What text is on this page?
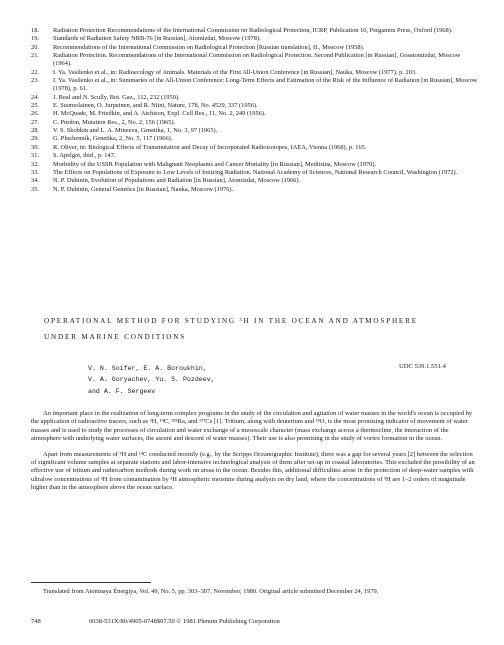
18.	Radiation Protection Recommendations of the International Commission on Radiological Protection, ICRP, Publication 10, Pergamon Press, Oxford (1968).
19.	Standards of Radiation Safety NRB-76 [in Russian], Atomizdat, Moscow (1978).
20.	Recommendations of the International Commission on Radiological Protection [Russian translation], II., Moscow (1958).
21.	Radiation Protection. Recommendations of the International Commission on Radiological Protection. Second Publication [in Russian], Gosatomizdat, Moscow (1964).
22.	I. Ya. Vasilenko et al., in: Radioecology of Animals. Materials of the First All-Union Conference [in Russian], Nauka, Moscow (1977), p. 203.
23.	I. Ya. Vasilenko et al., in: Summaries of the All-Union Conference: Long-Term Effects and Estimation of the Risk of the Influence of Radiation [in Russian], Moscow (1978), p. 61.
24.	J. Beal and N. Scully, Bot. Gaz., 112, 232 (1950).
25.	E. Suomolainen, O. Jurpeinen, and R. Niini, Nature, 178, No. 4529, 337 (1956).
26.	H. McQuade, M. Friedkin, and A. Atchison, Expl. Cell Res., 11, No. 2, 249 (1956).
27.	C. Purdon, Mutation Res., 2, No. 2, 156 (1965).
28.	V. S. Skobkin and L. A. Mineeva, Genetika, 1, No. 3, 97 (1965).
29.	G. Pluchennik, Genetika, 2, No. 5, 117 (1966).
30.	R. Oliver, in: Biological Effects of Transmutation and Decay of Incorporated Radioisotopes, IAEA, Vienna (1968), p. 165.
31.	S. Apelgot, ibid., p. 147.
32.	Morbidity of the USSR Population with Malignant Neoplasms and Cancer Mortality [in Russian], Meditsina, Moscow (1970).
33.	The Effects on Populations of Exposure to Low Levels of Ionizing Radiation. National Academy of Sciences, National Research Council, Washington (1972).
34.	N. P. Dubinin, Evolution of Populations and Radiation [in Russian], Atomizdat, Moscow (1966).
35.	N. P. Dubinin, General Genetics [in Russian], Nauka, Moscow (1976).
OPERATIONAL METHOD FOR STUDYING ³H IN THE OCEAN AND ATMOSPHERE UNDER MARINE CONDITIONS
V. N. Soifer, E. A. Boroukhin,
V. A. Goryachev, Yu. S. Pozdeev,
and A. F. Sergeev
UDC 539.1.551.4

An important place in the realization of long-term complex programs in the study of the circulation and agitation of water masses in the world's ocean is occupied by the application of radioactive tracers, such as ³H, ¹⁴C, ²²⁸Ra, and ¹³⁷Cs [1]. Tritium, along with deuterium and ¹⁸O, is the most promising indicator of movement of water masses and is used to study the processes of circulation and water exchange of a mesoscale character (mass exchange across a thermocline, the interaction of the atmosphere with underlying water surfaces, the ascent and descent of water masses). Their use is also promising in the study of vortex formation in the ocean.

Apart from measurements of ³H and ¹⁴C conducted recently (e.g., by the Scripps Oceanographic Institute), there was a gap for several years [2] between the selection of significant volume samples at separate stations and labor-intensive technological analysis of them after set-up in coastal laboratories. This excluded the possibility of an effective use of tritium and radiocarbon methods during work on areas in the ocean. Besides this, additional difficulties arose in the protection of deep-water samples with ultralow concentrations of ³H from contamination by ³H atmospheric moisture during analysis on dry land, where the concentrations of ³H are 1–2 orders of magnitude higher than in the atmosphere above the ocean surface.

Translated from Atomnaya Énergiya, Vol. 49, No. 5, pp. 303–307, November, 1980. Original article submitted December 24, 1979.
748	0038-531X/80/4905-0748$07.50 © 1981 Plenum Publishing Corporation
